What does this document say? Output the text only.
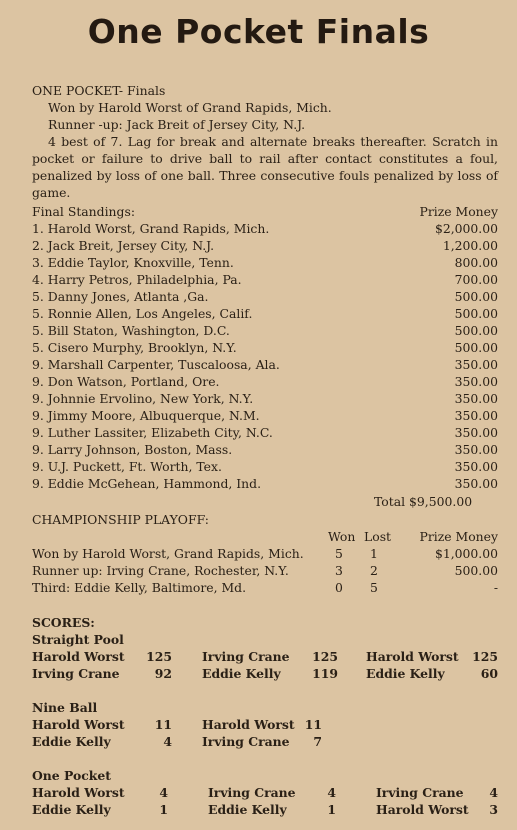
One Pocket Finals
ONE POCKET- Finals
Won by Harold Worst of Grand Rapids, Mich.
Runner -up: Jack Breit of Jersey City, N.J.
4 best of 7. Lag for break and alternate breaks thereafter. Scratch in pocket or failure to drive ball to rail after contact constitutes a foul, penalized by loss of one ball. Three consecutive fouls penalized by loss of game.
Final Standings:	Prize Money
1. Harold Worst, Grand Rapids, Mich.	$2,000.00
2. Jack Breit, Jersey City, N.J.	1,200.00
3. Eddie Taylor, Knoxville, Tenn.	800.00
4. Harry Petros, Philadelphia, Pa.	700.00
5. Danny Jones, Atlanta ,Ga.	500.00
5. Ronnie Allen, Los Angeles, Calif.	500.00
5. Bill Staton, Washington, D.C.	500.00
5. Cisero Murphy, Brooklyn, N.Y.	500.00
9. Marshall Carpenter, Tuscaloosa, Ala.	350.00
9. Don Watson, Portland, Ore.	350.00
9. Johnnie Ervolino, New York, N.Y.	350.00
9. Jimmy Moore, Albuquerque, N.M.	350.00
9. Luther Lassiter, Elizabeth City, N.C.	350.00
9. Larry Johnson, Boston, Mass.	350.00
9. U.J. Puckett, Ft. Worth, Tex.	350.00
9. Eddie McGehean, Hammond, Ind.	350.00
Total $9,500.00
CHAMPIONSHIP PLAYOFF:
Won Lost Prize Money
Won by Harold Worst, Grand Rapids, Mich.	5 1	$1,000.00
Runner up: Irving Crane, Rochester, N.Y.	3 2	500.00
Third: Eddie Kelly, Baltimore, Md.	0 5	-
SCORES:
Straight Pool
Harold Worst 125 Irving Crane 125 Harold Worst 125
Irving Crane	92 Eddie Kelly	119 Eddie Kelly	60
Nine Ball
Harold Worst	11 Harold Worst 11
Eddie Kelly	4 Irving Crane	7
One Pocket
Harold Worst	4	Irving Crane	4	Irving Crane	4
Eddie Kelly	1	Eddie Kelly	1	Harold Worst	3
